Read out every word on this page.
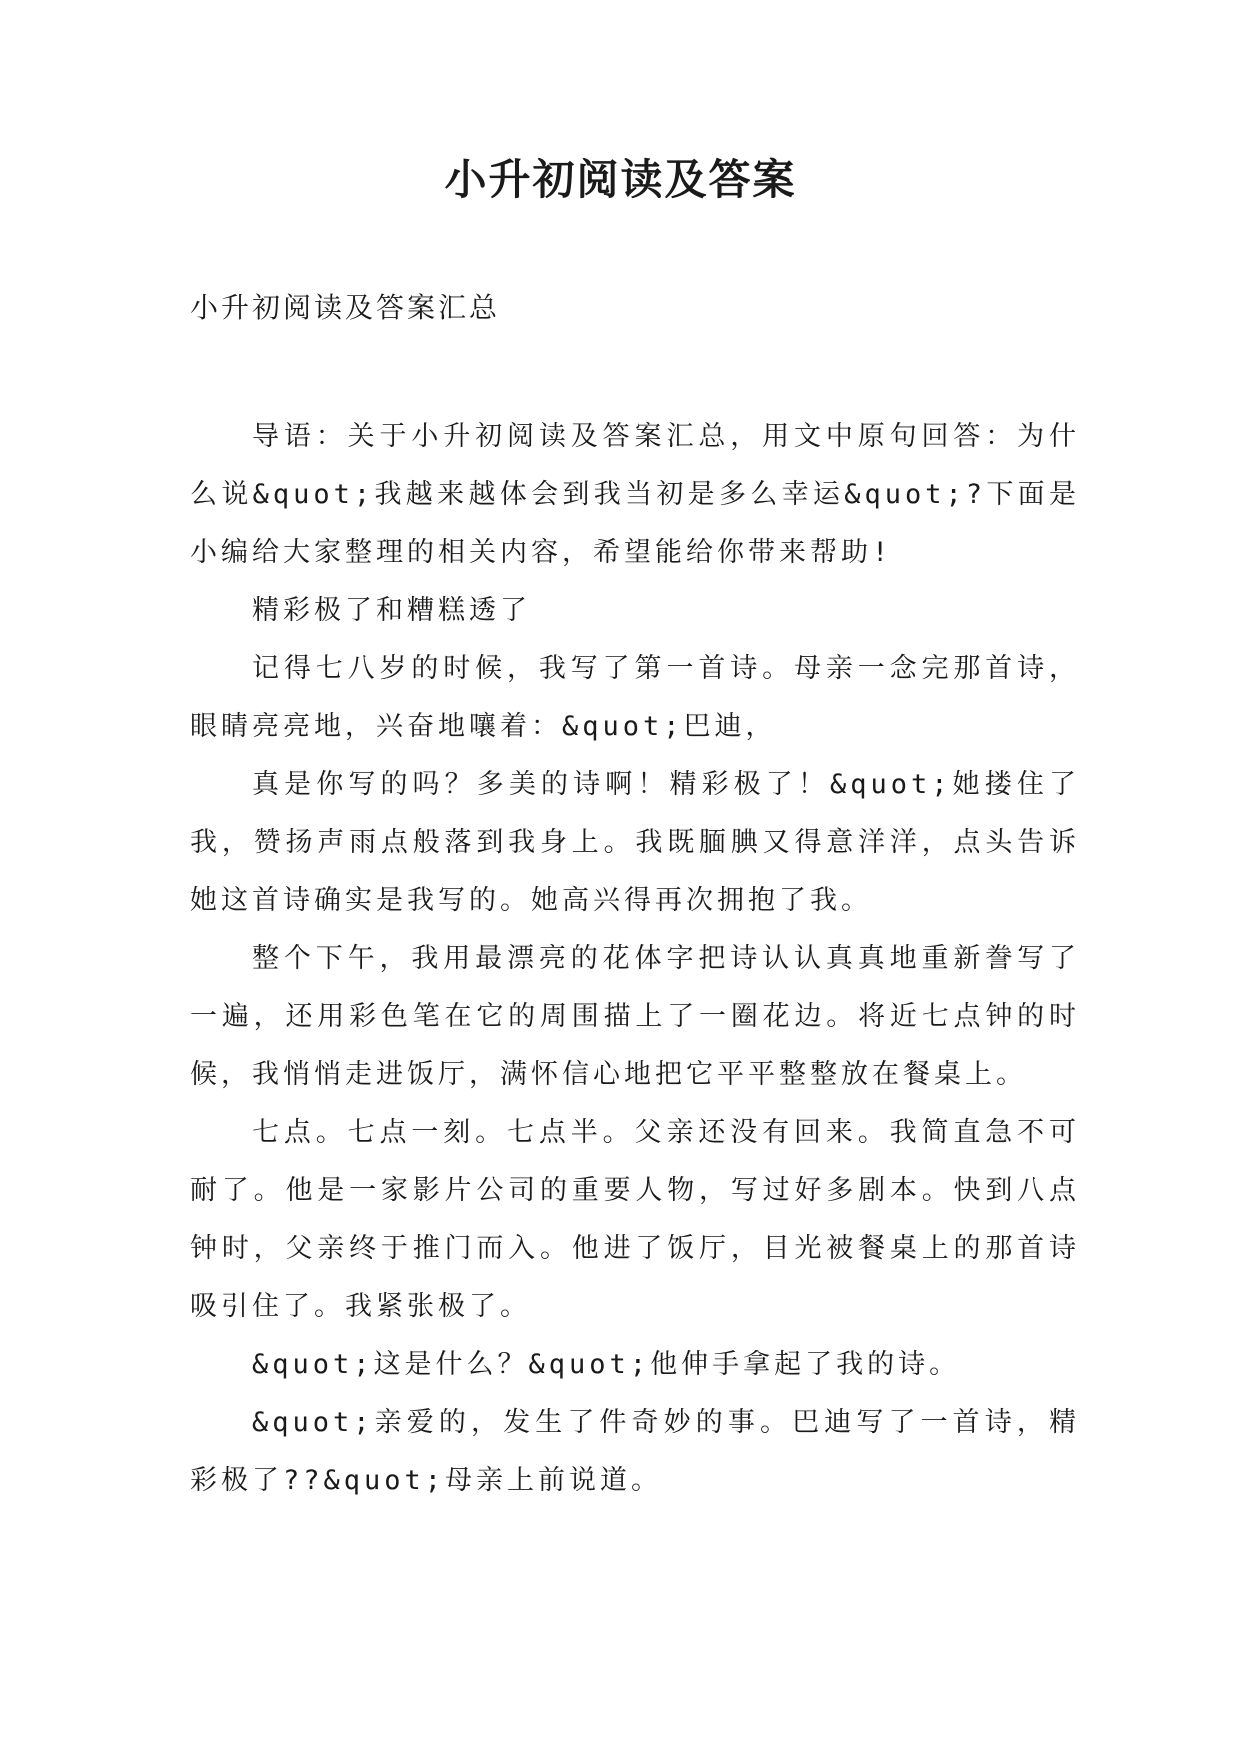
小升初阅读及答案

小升初阅读及答案汇总

导语：关于小升初阅读及答案汇总，用文中原句回答：为什么说&quot;我越来越体会到我当初是多么幸运&quot;?下面是小编给大家整理的相关内容，希望能给你带来帮助!

精彩极了和糟糕透了

记得七八岁的时候，我写了第一首诗。母亲一念完那首诗，眼睛亮亮地，兴奋地嚷着：&quot;巴迪，

真是你写的吗？多美的诗啊！精彩极了！&quot;她搂住了我，赞扬声雨点般落到我身上。我既腼腆又得意洋洋，点头告诉她这首诗确实是我写的。她高兴得再次拥抱了我。

整个下午，我用最漂亮的花体字把诗认认真真地重新誊写了一遍，还用彩色笔在它的周围描上了一圈花边。将近七点钟的时候，我悄悄走进饭厅，满怀信心地把它平平整整放在餐桌上。

七点。七点一刻。七点半。父亲还没有回来。我简直急不可耐了。他是一家影片公司的重要人物，写过好多剧本。快到八点钟时，父亲终于推门而入。他进了饭厅，目光被餐桌上的那首诗吸引住了。我紧张极了。

&quot;这是什么？&quot;他伸手拿起了我的诗。

&quot;亲爱的，发生了件奇妙的事。巴迪写了一首诗，精彩极了??&quot;母亲上前说道。
